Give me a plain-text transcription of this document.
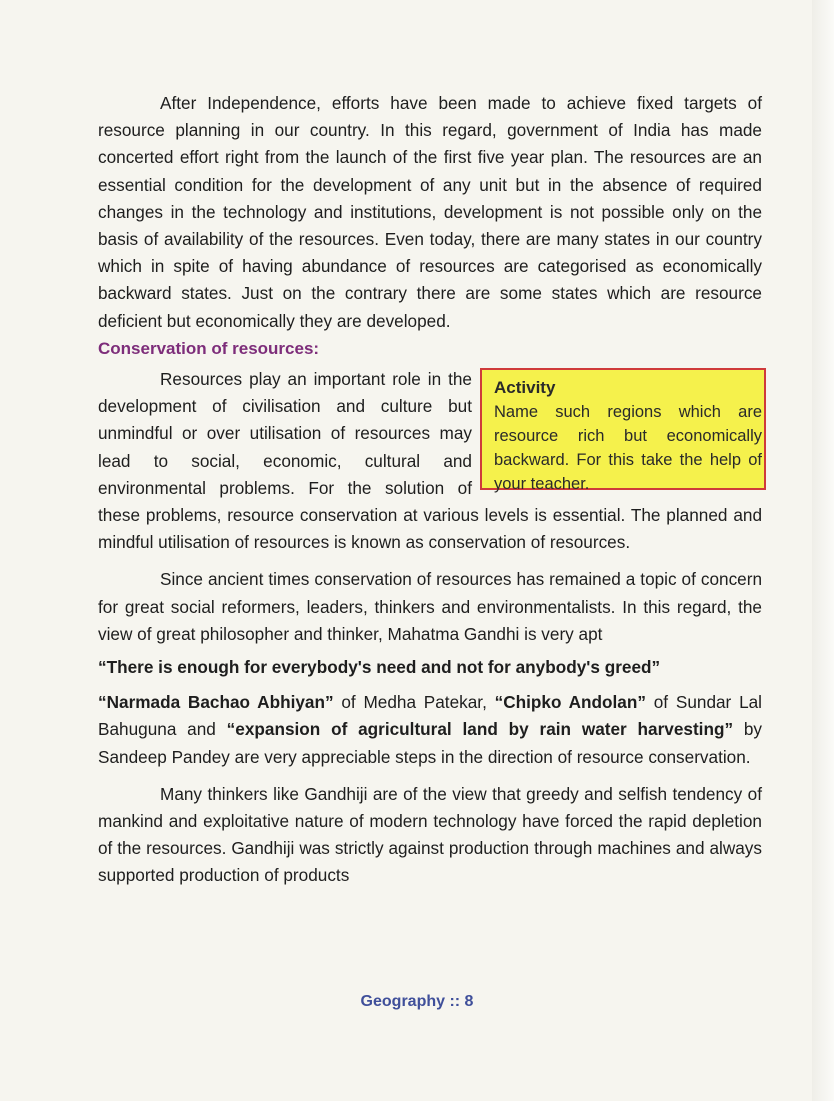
After Independence, efforts have been made to achieve fixed targets of resource planning in our country. In this regard, government of India has made concerted effort right from the launch of the first five year plan. The resources are an essential condition for the development of any unit but in the absence of required changes in the technology and institutions, development is not possible only on the basis of availability of the resources. Even today, there are many states in our country which in spite of having abundance of resources are categorised as economically backward states. Just on the contrary there are some states which are resource deficient but economically they are developed.

Conservation of resources:
Activity
Name such regions which are resource rich but economically backward. For this take the help of your teacher.

Resources play an important role in the development of civilisation and culture but unmindful or over utilisation of resources may lead to social, economic, cultural and environmental problems. For the solution of these problems, resource conservation at various levels is essential. The planned and mindful utilisation of resources is known as conservation of resources.

Since ancient times conservation of resources has remained a topic of concern for great social reformers, leaders, thinkers and environmentalists. In this regard, the view of great philosopher and thinker, Mahatma Gandhi is very apt

“There is enough for everybody's need and not for anybody's greed”

“Narmada Bachao Abhiyan” of Medha Patekar, “Chipko Andolan” of Sundar Lal Bahuguna and “expansion of agricultural land by rain water harvesting” by Sandeep Pandey are very appreciable steps in the direction of resource conservation.

Many thinkers like Gandhiji are of the view that greedy and selfish tendency of mankind and exploitative nature of modern technology have forced the rapid depletion of the resources. Gandhiji was strictly against production through machines and always supported production of products

Geography :: 8
